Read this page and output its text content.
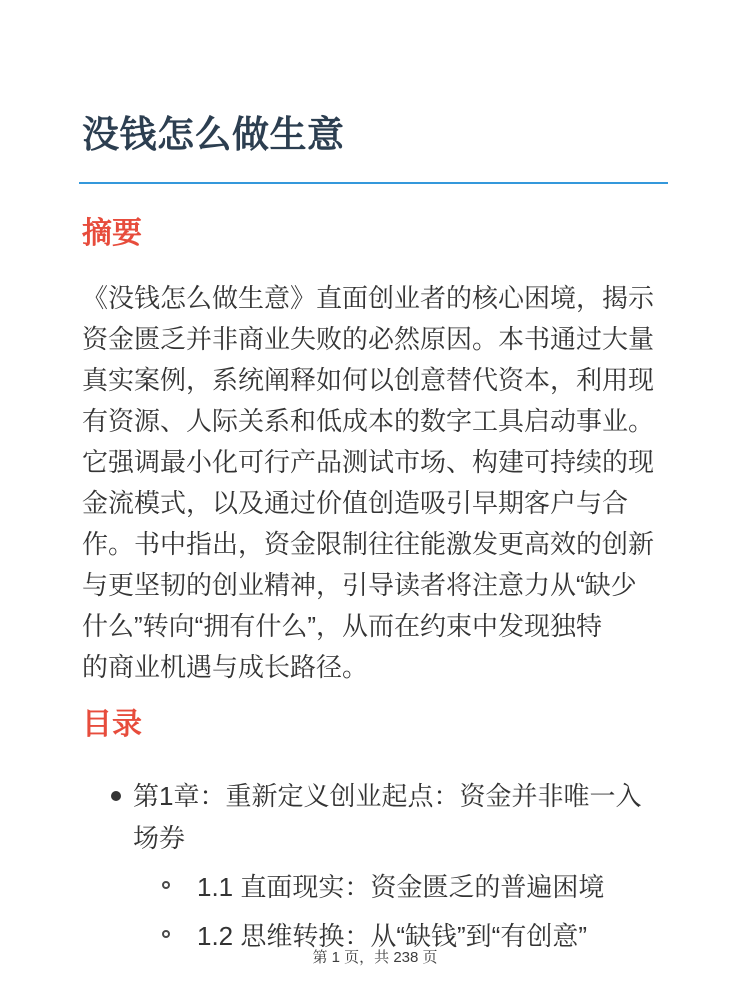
没钱怎么做生意
摘要
《没钱怎么做生意》直面创业者的核心困境，揭示
资金匮乏并非商业失败的必然原因。本书通过大量
真实案例，系统阐释如何以创意替代资本，利用现
有资源、人际关系和低成本的数字工具启动事业。
它强调最小化可行产品测试市场、构建可持续的现
金流模式，以及通过价值创造吸引早期客户与合
作。书中指出，资金限制往往能激发更高效的创新
与更坚韧的创业精神，引导读者将注意力从“缺少
什么”转向“拥有什么”，从而在约束中发现独特
的商业机遇与成长路径。
目录
第1章：重新定义创业起点：资金并非唯一入场券
1.1 直面现实：资金匮乏的普遍困境
1.2 思维转换：从“缺钱”到“有创意”
第 1 页，共 238 页
